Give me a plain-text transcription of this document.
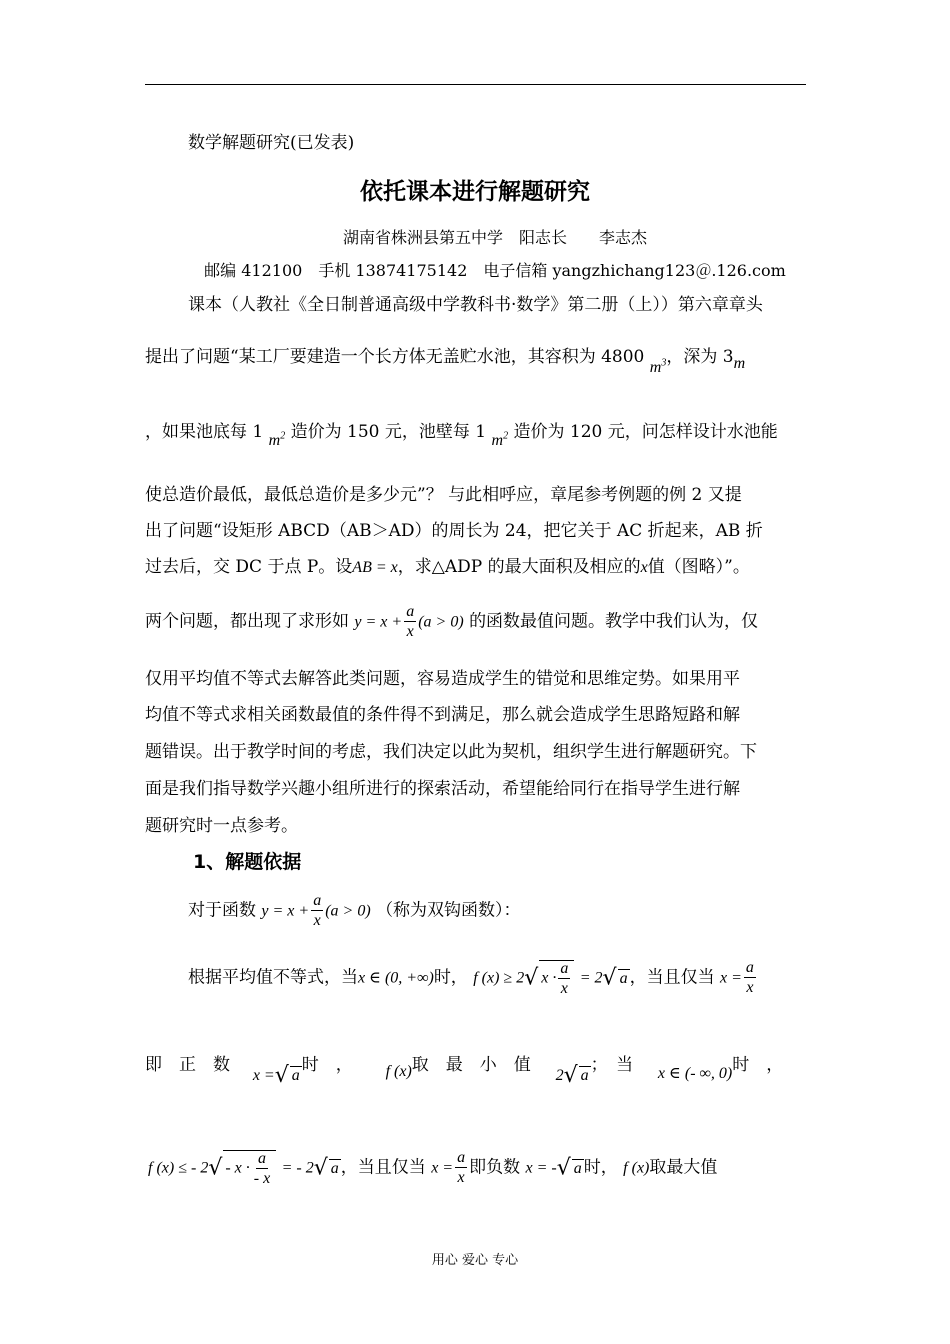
数学解题研究(已发表)
依托课本进行解题研究
湖南省株洲县第五中学　阳志长　　李志杰
邮编 412100　手机 13874175142　电子信箱 yangzhichang123＠.126.com
课本（人教社《全日制普通高级中学教科书·数学》第二册（上））第六章章头
提出了问题“某工厂要建造一个长方体无盖贮水池，其容积为 4800 $m^3$，深为 3m
，如果池底每 1 $m^2$ 造价为 150 元，池壁每 1 $m^2$ 造价为 120 元，问怎样设计水池能
使总造价最低，最低总造价是多少元”？ 与此相呼应，章尾参考例题的例 2 又提
出了问题“设矩形 ABCD（AB＞AD）的周长为 24，把它关于 AC 折起来，AB 折
过去后，交 DC 于点 P。设AB = x，求△ADP 的最大面积及相应的x值（图略）”。
两个问题，都出现了求形如 $y = x + \frac{a}{x} (a > 0)$ 的函数最值问题。教学中我们认为，仅
仅用平均值不等式去解答此类问题，容易造成学生的错觉和思维定势。如果用平
均值不等式求相关函数最值的条件得不到满足，那么就会造成学生思路短路和解
题错误。出于教学时间的考虑，我们决定以此为契机，组织学生进行解题研究。下
面是我们指导数学兴趣小组所进行的探索活动，希望能给同行在指导学生进行解
题研究时一点参考。
1、解题依据
对于函数 $y = x + \frac{a}{x} (a > 0)$ （称为双钩函数）：
根据平均值不等式，当x ∈ (0, +∞)时， f (x) ≥ 2√ $x \cdot \frac{a}{x} = 2√$ a ，当且仅当 $x = \frac{a}{x}$
即　正　数  x =√ a时　， f (x)取　最　小　值  2√ a；　当 x ∈ (- ∞, 0)时　，
f (x) ≤ - $2√ - x \cdot \frac{a}{- x}$ = - 2√ a ，当且仅当 $x = \frac{a}{x}$ 即负数 x = -√ a 时， f (x)取最大值
用心 爱心 专心
